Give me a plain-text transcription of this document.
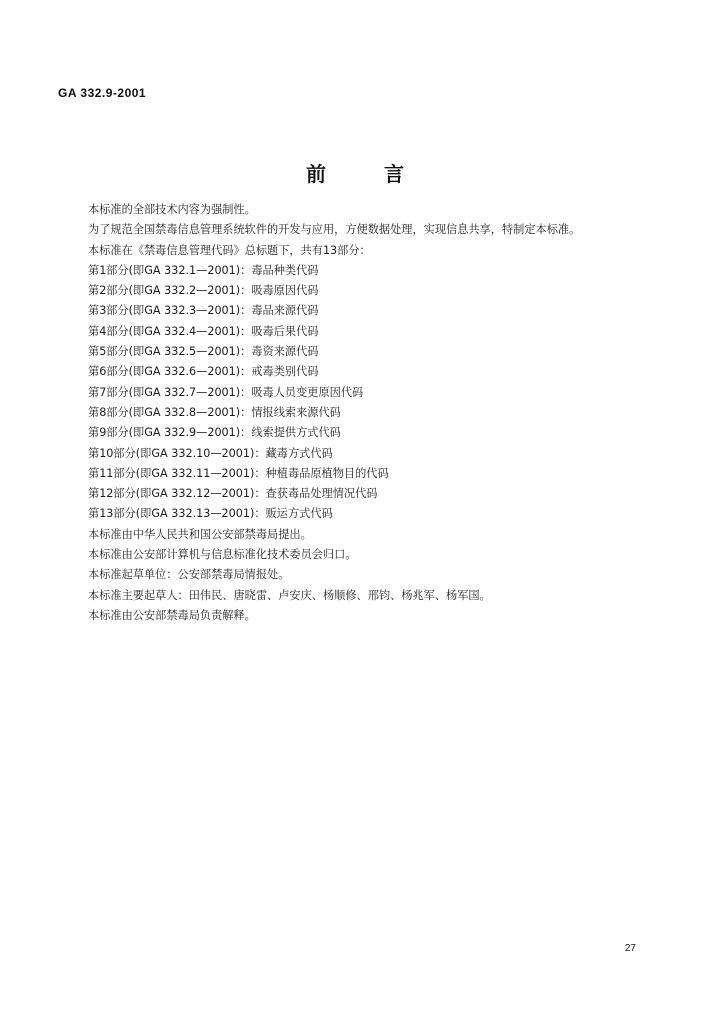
GA 332.9-2001
前	言
本标准的全部技术内容为强制性。
为了规范全国禁毒信息管理系统软件的开发与应用，方便数据处理，实现信息共享，特制定本标准。
本标准在《禁毒信息管理代码》总标题下，共有13部分：
第1部分(即GA 332.1—2001)：毒品种类代码
第2部分(即GA 332.2—2001)：吸毒原因代码
第3部分(即GA 332.3—2001)：毒品来源代码
第4部分(即GA 332.4—2001)：吸毒后果代码
第5部分(即GA 332.5—2001)：毒资来源代码
第6部分(即GA 332.6—2001)：戒毒类别代码
第7部分(即GA 332.7—2001)：吸毒人员变更原因代码
第8部分(即GA 332.8—2001)：情报线索来源代码
第9部分(即GA 332.9—2001)：线索提供方式代码
第10部分(即GA 332.10—2001)：藏毒方式代码
第11部分(即GA 332.11—2001)：种植毒品原植物目的代码
第12部分(即GA 332.12—2001)：查获毒品处理情况代码
第13部分(即GA 332.13—2001)：贩运方式代码
本标准由中华人民共和国公安部禁毒局提出。
本标准由公安部计算机与信息标准化技术委员会归口。
本标准起草单位：公安部禁毒局情报处。
本标准主要起草人：田伟民、唐晓雷、卢安庆、杨顺修、邢钧、杨兆军、杨军国。
本标准由公安部禁毒局负责解释。
27
